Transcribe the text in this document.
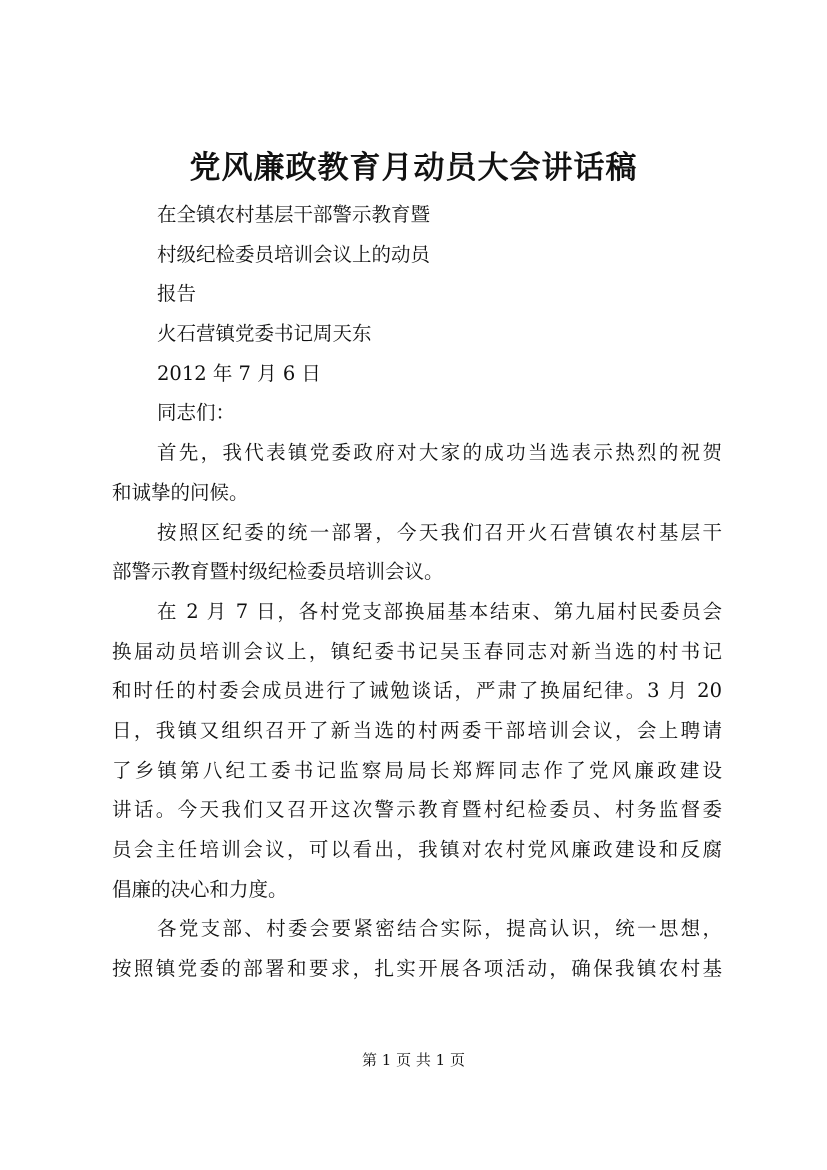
党风廉政教育月动员大会讲话稿
在全镇农村基层干部警示教育暨
村级纪检委员培训会议上的动员
报告
火石营镇党委书记周天东
2012 年 7 月 6 日
同志们：
首先，我代表镇党委政府对大家的成功当选表示热烈的祝贺
和诚挚的问候。
按照区纪委的统一部署，今天我们召开火石营镇农村基层干
部警示教育暨村级纪检委员培训会议。
在 2 月 7 日，各村党支部换届基本结束、第九届村民委员会
换届动员培训会议上，镇纪委书记吴玉春同志对新当选的村书记
和时任的村委会成员进行了诫勉谈话，严肃了换届纪律。3 月 20
日，我镇又组织召开了新当选的村两委干部培训会议，会上聘请
了乡镇第八纪工委书记监察局局长郑辉同志作了党风廉政建设
讲话。今天我们又召开这次警示教育暨村纪检委员、村务监督委
员会主任培训会议，可以看出，我镇对农村党风廉政建设和反腐
倡廉的决心和力度。
各党支部、村委会要紧密结合实际，提高认识，统一思想，
按照镇党委的部署和要求，扎实开展各项活动，确保我镇农村基
第 1 页 共 1 页
